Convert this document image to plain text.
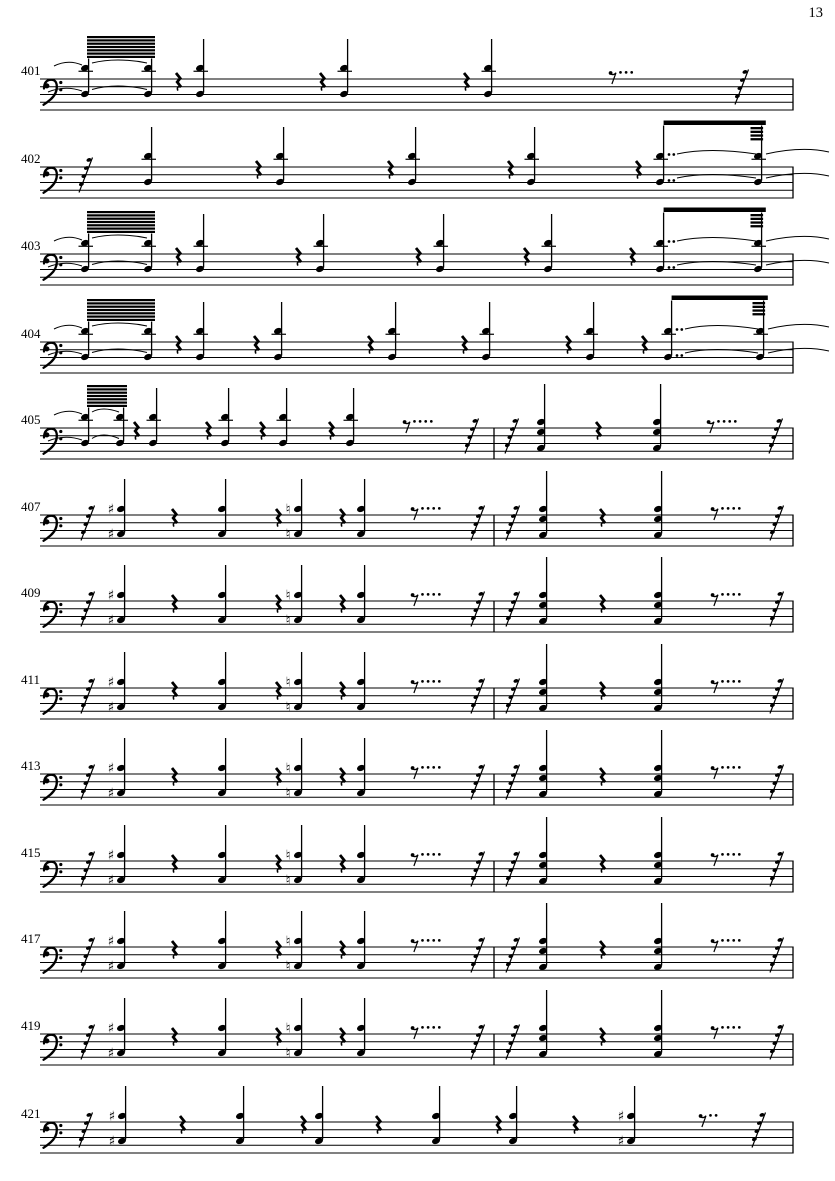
13
401
402
403
404
405
407	♯
♯
♮
♮
409	♯
♯
♮
♮
411	♯
♯
♮
♮
413	♯
♯
♮
♮
415	♯
♯
♮
♮
417	♯
♯
♮
♮
419	♯
♯
♮
♮
421	♯
♯
♯
♯
